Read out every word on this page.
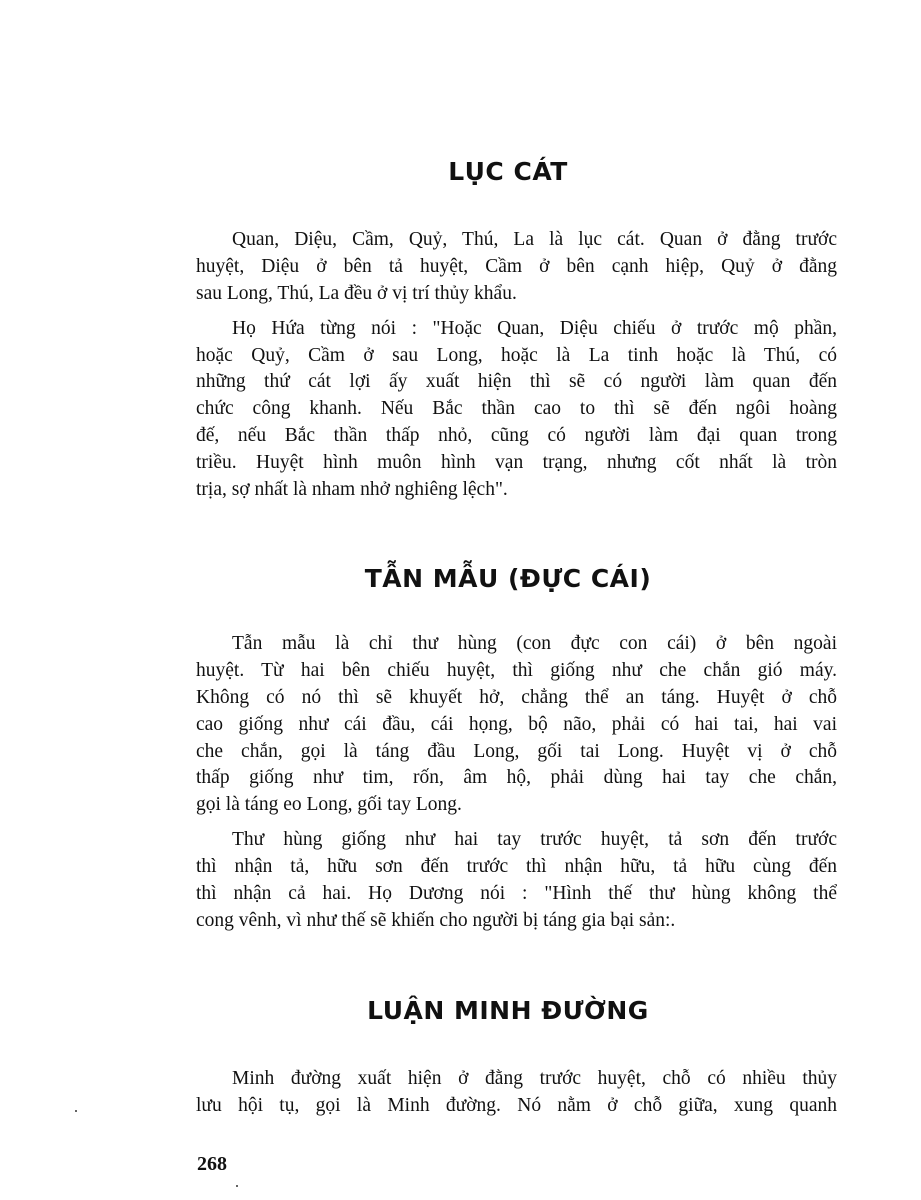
LỤC CÁT
Quan, Diệu, Cầm, Quỷ, Thú, La là lục cát. Quan ở đằng trước
huyệt, Diệu ở bên tả huyệt, Cầm ở bên cạnh hiệp, Quỷ ở đằng
sau Long, Thú, La đều ở vị trí thủy khẩu.
Họ Hứa từng nói : "Hoặc Quan, Diệu chiếu ở trước mộ phần,
hoặc Quỷ, Cầm ở sau Long, hoặc là La tinh hoặc là Thú, có
những thứ cát lợi ấy xuất hiện thì sẽ có người làm quan đến
chức công khanh. Nếu Bắc thần cao to thì sẽ đến ngôi hoàng
đế, nếu Bắc thần thấp nhỏ, cũng có người làm đại quan trong
triều. Huyệt hình muôn hình vạn trạng, nhưng cốt nhất là tròn
trịa, sợ nhất là nham nhở nghiêng lệch".
TẪN MẪU (ĐỰC CÁI)
Tẫn mẫu là chỉ thư hùng (con đực con cái) ở bên ngoài
huyệt. Từ hai bên chiếu huyệt, thì giống như che chắn gió máy.
Không có nó thì sẽ khuyết hở, chẳng thể an táng. Huyệt ở chỗ
cao giống như cái đầu, cái họng, bộ não, phải có hai tai, hai vai
che chắn, gọi là táng đầu Long, gối tai Long. Huyệt vị ở chỗ
thấp giống như tim, rốn, âm hộ, phải dùng hai tay che chắn,
gọi là táng eo Long, gối tay Long.
Thư hùng giống như hai tay trước huyệt, tả sơn đến trước
thì nhận tả, hữu sơn đến trước thì nhận hữu, tả hữu cùng đến
thì nhận cả hai. Họ Dương nói : "Hình thế thư hùng không thể
cong vênh, vì như thế sẽ khiến cho người bị táng gia bại sản:.
LUẬN MINH ĐƯỜNG
Minh đường xuất hiện ở đằng trước huyệt, chỗ có nhiều thủy
lưu hội tụ, gọi là Minh đường. Nó nằm ở chỗ giữa, xung quanh
268
